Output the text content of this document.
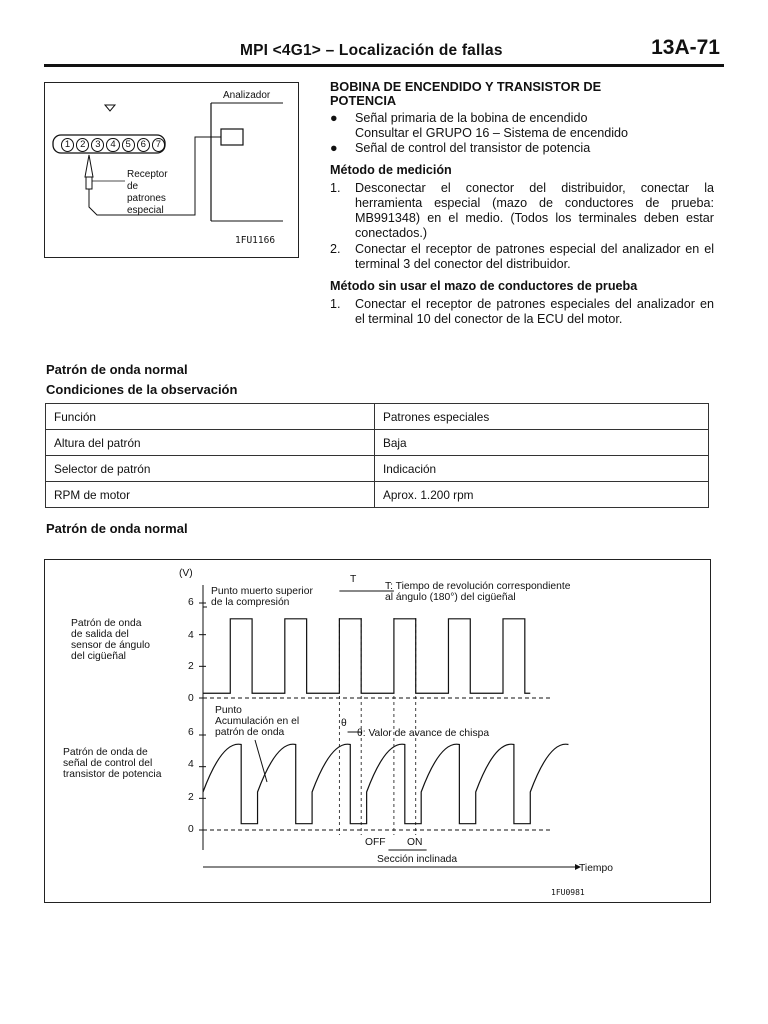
MPI <4G1> – Localización de fallas	13A-71
Analizador
1	2	3	4	5	6	7
Receptor
de
patrones
especial
1FU1166
BOBINA DE ENCENDIDO Y TRANSISTOR DE
POTENCIA
● Señal primaria de la bobina de encendido
Consultar el GRUPO 16 – Sistema de encendido
● Señal de control del transistor de potencia
Método de medición
1. Desconectar el conector del distribuidor, conectar la herramienta especial (mazo de conductores de prueba: MB991348) en el medio. (Todos los terminales deben estar conectados.)
2. Conectar el receptor de patrones especial del analizador en el terminal 3 del conector del distribuidor.
Método sin usar el mazo de conductores de prueba
1. Conectar el receptor de patrones especiales del analizador en el terminal 10 del conector de la ECU del motor.
Patrón de onda normal
Condiciones de la observación
Función	Patrones especiales
Altura del patrón	Baja
Selector de patrón	Indicación
RPM de motor	Aprox. 1.200 rpm
Patrón de onda normal
(V)
6
4
2
0
6
4
2
0
Patrón de onda
de salida del
sensor de ángulo
del cigüeñal
Patrón de onda de
señal de control del
transistor de potencia
Punto muerto superior
de la compresión
T
T: Tiempo de revolución correspondiente
al ángulo (180°) del cigüeñal
Punto
Acumulación en el
patrón de onda
θ
θ: Valor de avance de chispa
OFF ON
Sección inclinada
Tiempo
1FU0981
